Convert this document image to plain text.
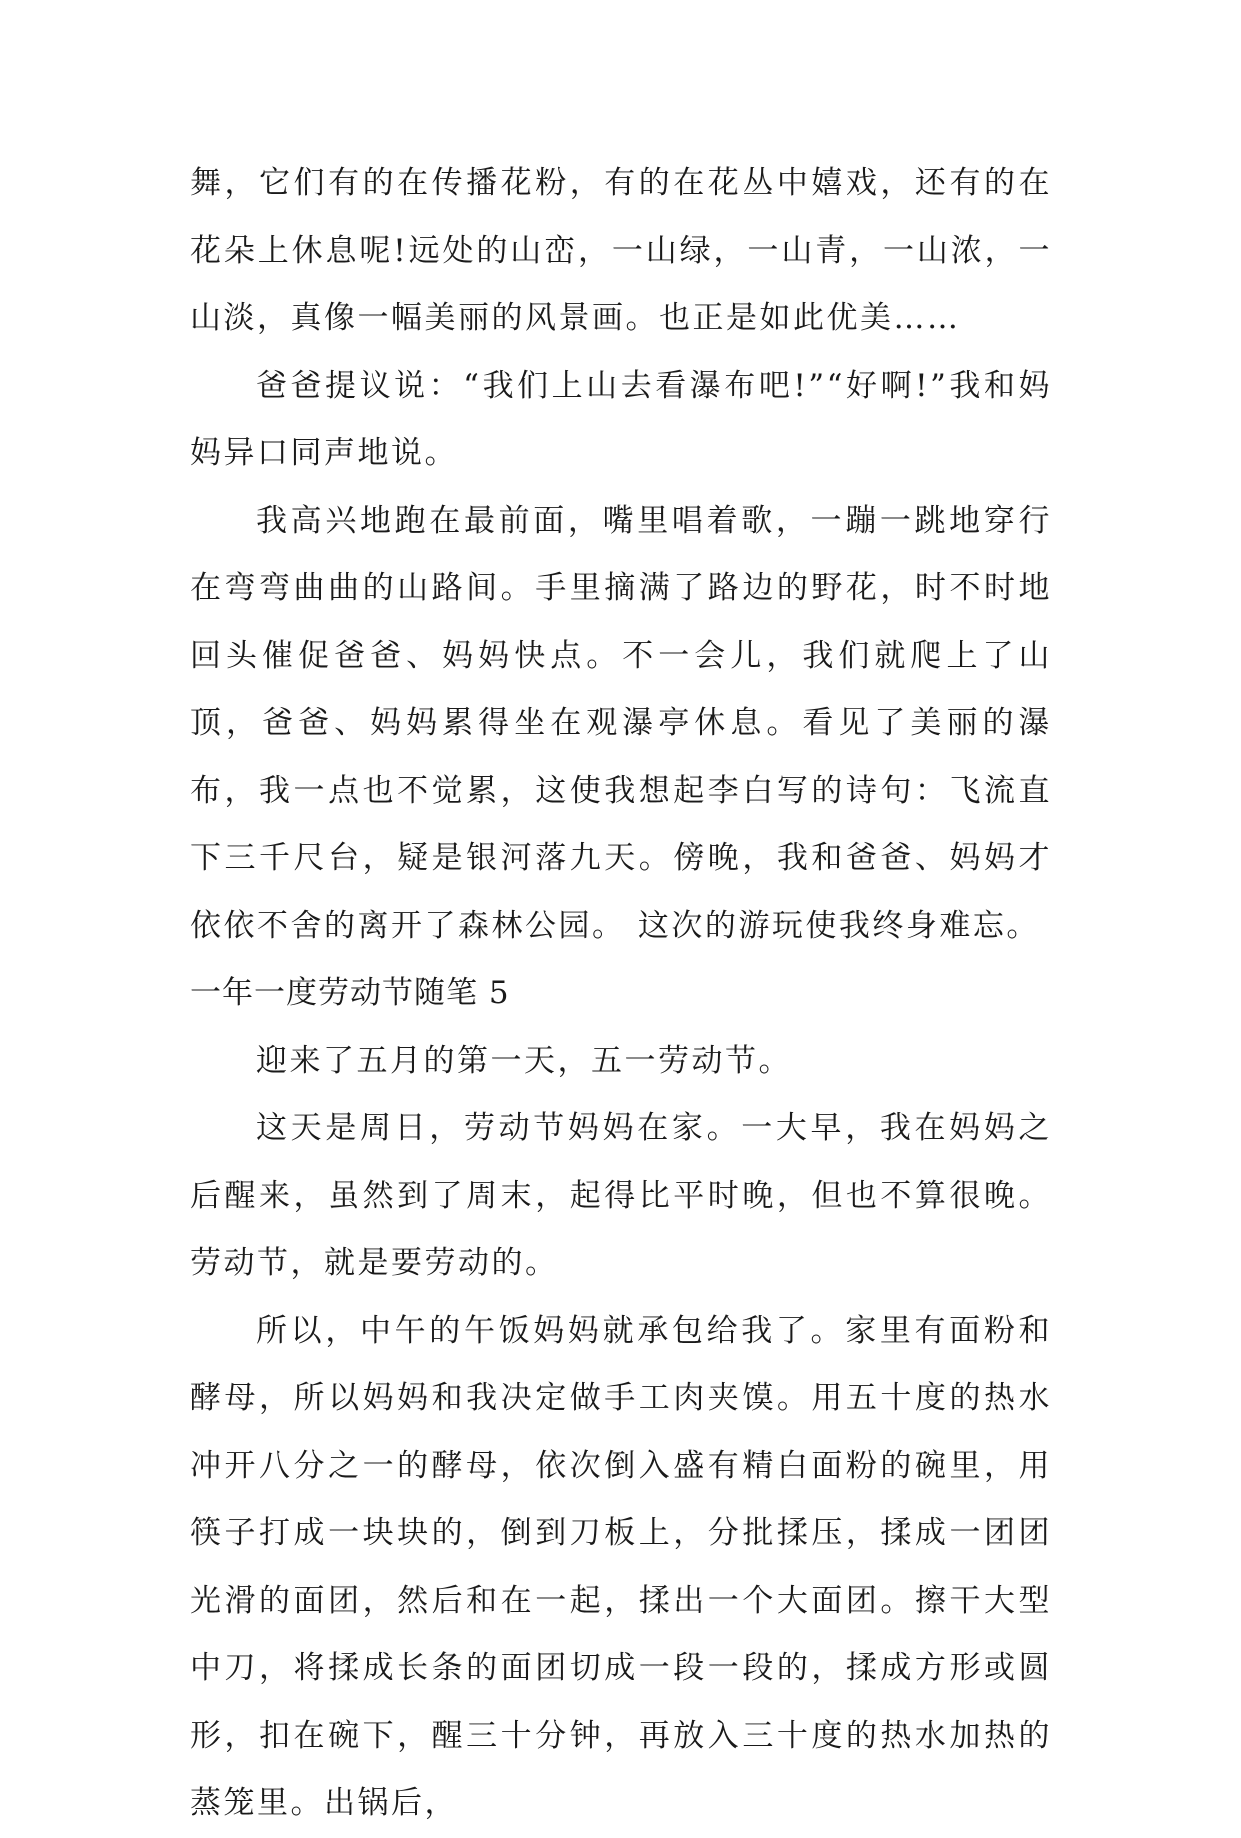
舞，它们有的在传播花粉，有的在花丛中嬉戏，还有的在花朵上休息呢!远处的山峦，一山绿，一山青，一山浓，一山淡，真像一幅美丽的风景画。也正是如此优美……

爸爸提议说：“我们上山去看瀑布吧!”“好啊!”我和妈妈异口同声地说。

我高兴地跑在最前面，嘴里唱着歌，一蹦一跳地穿行在弯弯曲曲的山路间。手里摘满了路边的野花，时不时地回头催促爸爸、妈妈快点。不一会儿，我们就爬上了山顶，爸爸、妈妈累得坐在观瀑亭休息。看见了美丽的瀑布，我一点也不觉累，这使我想起李白写的诗句：飞流直下三千尺台，疑是银河落九天。傍晚，我和爸爸、妈妈才依依不舍的离开了森林公园。 这次的游玩使我终身难忘。

一年一度劳动节随笔 5

迎来了五月的第一天，五一劳动节。

这天是周日，劳动节妈妈在家。一大早，我在妈妈之后醒来，虽然到了周末，起得比平时晚，但也不算很晚。劳动节，就是要劳动的。

所以，中午的午饭妈妈就承包给我了。家里有面粉和酵母，所以妈妈和我决定做手工肉夹馍。用五十度的热水冲开八分之一的酵母，依次倒入盛有精白面粉的碗里，用筷子打成一块块的，倒到刀板上，分批揉压，揉成一团团光滑的面团，然后和在一起，揉出一个大面团。擦干大型中刀，将揉成长条的面团切成一段一段的，揉成方形或圆形，扣在碗下，醒三十分钟，再放入三十度的热水加热的蒸笼里。出锅后，
